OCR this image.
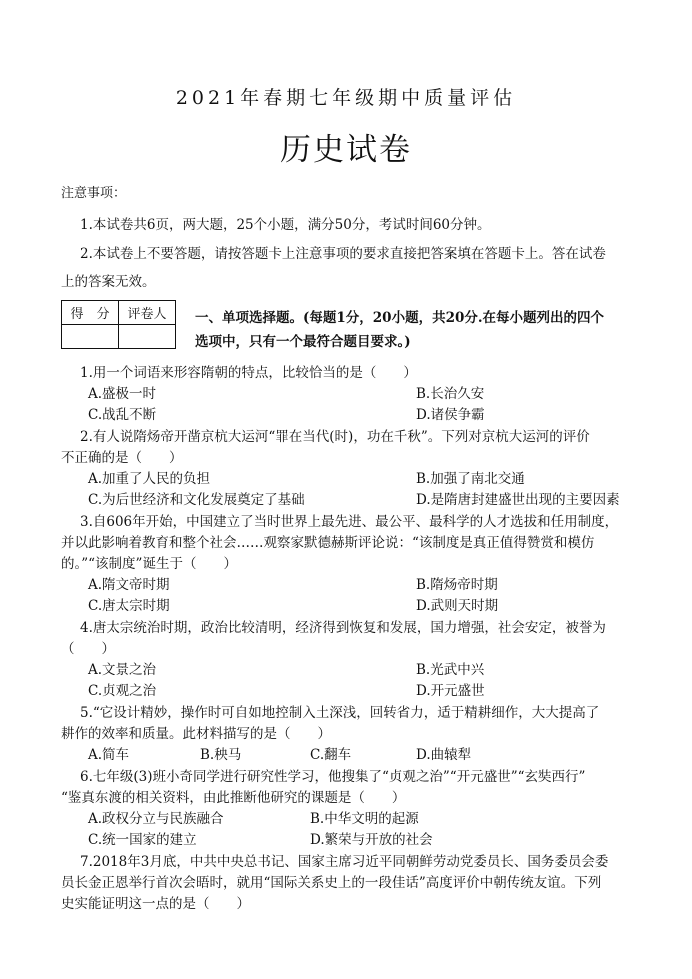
2021年春期七年级期中质量评估
历史试卷
注意事项：
1.本试卷共6页，两大题，25个小题，满分50分，考试时间60分钟。
2.本试卷上不要答题，请按答题卡上注意事项的要求直接把答案填在答题卡上。答在试卷
上的答案无效。
得　分	评卷人
	一、单项选择题。(每题1分，20小题，共20分.在每小题列出的四个
选项中，只有一个最符合题目要求。)
1.用一个词语来形容隋朝的特点，比较恰当的是（　　）
A.盛极一时	B.长治久安
C.战乱不断	D.诸侯争霸
2.有人说隋炀帝开凿京杭大运河“罪在当代(时)，功在千秋”。下列对京杭大运河的评价
不正确的是（　　）
A.加重了人民的负担	B.加强了南北交通
C.为后世经济和文化发展奠定了基础	D.是隋唐封建盛世出现的主要因素
3.自606年开始，中国建立了当时世界上最先进、最公平、最科学的人才选拔和任用制度，
并以此影响着教育和整个社会……观察家默德赫斯评论说：“该制度是真正值得赞赏和模仿
的。”“该制度”诞生于（　　）
A.隋文帝时期	B.隋炀帝时期
C.唐太宗时期	D.武则天时期
4.唐太宗统治时期，政治比较清明，经济得到恢复和发展，国力增强，社会安定，被誉为
（　　）
A.文景之治	B.光武中兴
C.贞观之治	D.开元盛世
5.“它设计精妙，操作时可自如地控制入土深浅，回转省力，适于精耕细作，大大提高了
耕作的效率和质量。此材料描写的是（　　）
A.简车	B.秧马	C.翻车	D.曲辕犁
6.七年级(3)班小奇同学进行研究性学习，他搜集了“贞观之治”“开元盛世”“玄奘西行”
“鉴真东渡的相关资料，由此推断他研究的课题是（　　）
A.政权分立与民族融合	B.中华文明的起源
C.统一国家的建立	D.繁荣与开放的社会
7.2018年3月底，中共中央总书记、国家主席习近平同朝鲜劳动党委员长、国务委员会委
员长金正恩举行首次会晤时，就用“国际关系史上的一段佳话”高度评价中朝传统友谊。下列
史实能证明这一点的是（　　）
